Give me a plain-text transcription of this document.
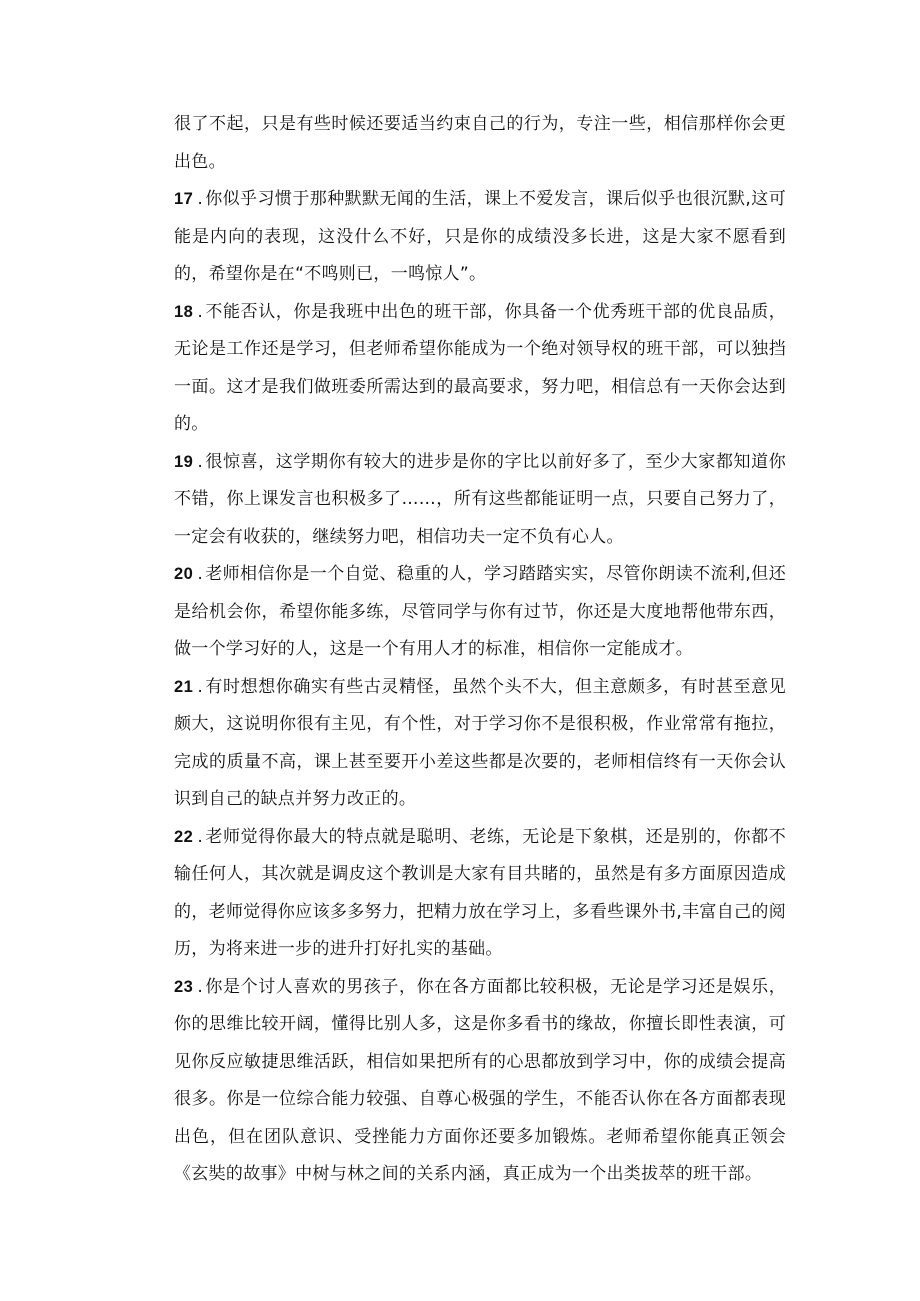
很了不起，只是有些时候还要适当约束自己的行为，专注一些，相信那样你会更出色。

17 . 你似乎习惯于那种默默无闻的生活，课上不爱发言，课后似乎也很沉默,这可能是内向的表现，这没什么不好，只是你的成绩没多长进，这是大家不愿看到的，希望你是在“不鸣则已，一鸣惊人”。

18 . 不能否认，你是我班中出色的班干部，你具备一个优秀班干部的优良品质，无论是工作还是学习，但老师希望你能成为一个绝对领导权的班干部，可以独挡一面。这才是我们做班委所需达到的最高要求，努力吧，相信总有一天你会达到的。

19 . 很惊喜，这学期你有较大的进步是你的字比以前好多了，至少大家都知道你不错，你上课发言也积极多了……，所有这些都能证明一点，只要自己努力了，一定会有收获的，继续努力吧，相信功夫一定不负有心人。

20 . 老师相信你是一个自觉、稳重的人，学习踏踏实实，尽管你朗读不流利,但还是给机会你，希望你能多练，尽管同学与你有过节，你还是大度地帮他带东西，做一个学习好的人，这是一个有用人才的标准，相信你一定能成才。

21 . 有时想想你确实有些古灵精怪，虽然个头不大，但主意颇多，有时甚至意见颇大，这说明你很有主见，有个性，对于学习你不是很积极，作业常常有拖拉，完成的质量不高，课上甚至要开小差这些都是次要的，老师相信终有一天你会认识到自己的缺点并努力改正的。

22 . 老师觉得你最大的特点就是聪明、老练，无论是下象棋，还是别的，你都不输任何人，其次就是调皮这个教训是大家有目共睹的，虽然是有多方面原因造成的，老师觉得你应该多多努力，把精力放在学习上，多看些课外书,丰富自己的阅历，为将来进一步的进升打好扎实的基础。

23 . 你是个讨人喜欢的男孩子，你在各方面都比较积极，无论是学习还是娱乐，你的思维比较开阔，懂得比别人多，这是你多看书的缘故，你擅长即性表演，可见你反应敏捷思维活跃，相信如果把所有的心思都放到学习中，你的成绩会提高很多。你是一位综合能力较强、自尊心极强的学生，不能否认你在各方面都表现出色，但在团队意识、受挫能力方面你还要多加锻炼。老师希望你能真正领会《玄奘的故事》中树与林之间的关系内涵，真正成为一个出类拔萃的班干部。
